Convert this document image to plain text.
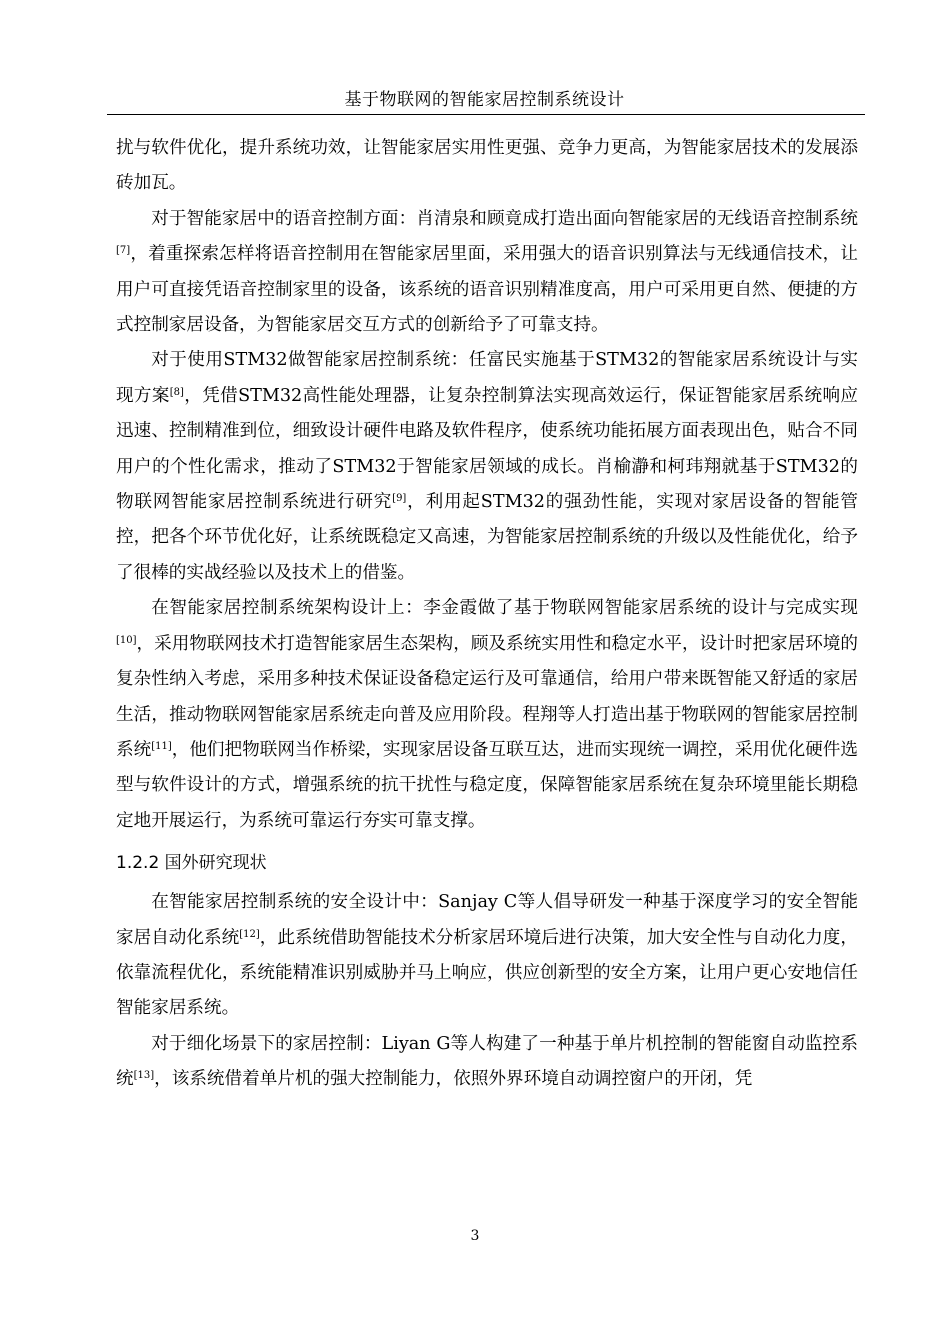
基于物联网的智能家居控制系统设计

扰与软件优化，提升系统功效，让智能家居实用性更强、竞争力更高，为智能家居技术的发展添砖加瓦。

对于智能家居中的语音控制方面：肖清泉和顾竟成打造出面向智能家居的无线语音控制系统[7]，着重探索怎样将语音控制用在智能家居里面，采用强大的语音识别算法与无线通信技术，让用户可直接凭语音控制家里的设备，该系统的语音识别精准度高，用户可采用更自然、便捷的方式控制家居设备，为智能家居交互方式的创新给予了可靠支持。

对于使用STM32做智能家居控制系统：任富民实施基于STM32的智能家居系统设计与实现方案[8]，凭借STM32高性能处理器，让复杂控制算法实现高效运行，保证智能家居系统响应迅速、控制精准到位，细致设计硬件电路及软件程序，使系统功能拓展方面表现出色，贴合不同用户的个性化需求，推动了STM32于智能家居领域的成长。肖榆瀞和柯玮翔就基于STM32的物联网智能家居控制系统进行研究[9]，利用起STM32的强劲性能，实现对家居设备的智能管控，把各个环节优化好，让系统既稳定又高速，为智能家居控制系统的升级以及性能优化，给予了很棒的实战经验以及技术上的借鉴。

在智能家居控制系统架构设计上：李金霞做了基于物联网智能家居系统的设计与完成实现[10]，采用物联网技术打造智能家居生态架构，顾及系统实用性和稳定水平，设计时把家居环境的复杂性纳入考虑，采用多种技术保证设备稳定运行及可靠通信，给用户带来既智能又舒适的家居生活，推动物联网智能家居系统走向普及应用阶段。程翔等人打造出基于物联网的智能家居控制系统[11]，他们把物联网当作桥梁，实现家居设备互联互达，进而实现统一调控，采用优化硬件选型与软件设计的方式，增强系统的抗干扰性与稳定度，保障智能家居系统在复杂环境里能长期稳定地开展运行，为系统可靠运行夯实可靠支撑。

1.2.2 国外研究现状

在智能家居控制系统的安全设计中：Sanjay C等人倡导研发一种基于深度学习的安全智能家居自动化系统[12]，此系统借助智能技术分析家居环境后进行决策，加大安全性与自动化力度，依靠流程优化，系统能精准识别威胁并马上响应，供应创新型的安全方案，让用户更心安地信任智能家居系统。

对于细化场景下的家居控制：Liyan G等人构建了一种基于单片机控制的智能窗自动监控系统[13]，该系统借着单片机的强大控制能力，依照外界环境自动调控窗户的开闭，凭

3
